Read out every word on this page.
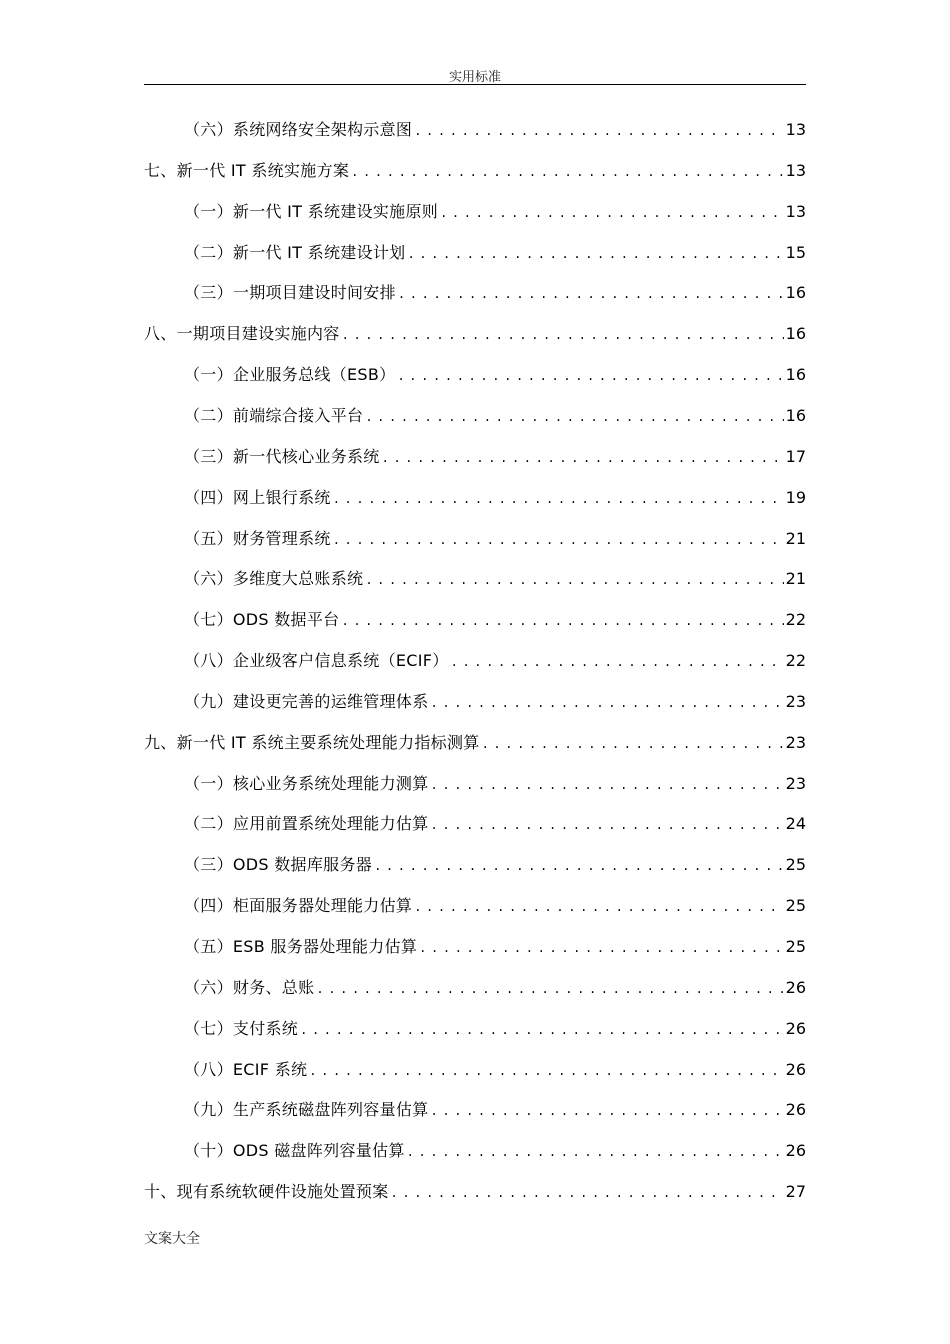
实用标准
（六）系统网络安全架构示意图 . . .	13
七、新一代 IT 系统实施方案 . . .	13
（一）新一代 IT 系统建设实施原则 . . .	13
（二）新一代 IT 系统建设计划 . . .	15
（三）一期项目建设时间安排 . . .	16
八、一期项目建设实施内容 . . .	16
（一）企业服务总线（ESB） . . .	16
（二）前端综合接入平台 . . .	16
（三）新一代核心业务系统 . . .	17
（四）网上银行系统 . . .	19
（五）财务管理系统 . . .	21
（六）多维度大总账系统 . . .	21
（七）ODS 数据平台 . . .	22
（八）企业级客户信息系统（ECIF） . . .	22
（九）建设更完善的运维管理体系 . . .	23
九、新一代 IT 系统主要系统处理能力指标测算 . . .	23
（一）核心业务系统处理能力测算 . . .	23
（二）应用前置系统处理能力估算 . . .	24
（三）ODS 数据库服务器 . . .	25
（四）柜面服务器处理能力估算 . . .	25
（五）ESB 服务器处理能力估算 . . .	25
（六）财务、总账 . . .	26
（七）支付系统 . . .	26
（八）ECIF 系统 . . .	26
（九）生产系统磁盘阵列容量估算 . . .	26
（十）ODS 磁盘阵列容量估算 . . .	26
十、现有系统软硬件设施处置预案 . . .	27
文案大全
